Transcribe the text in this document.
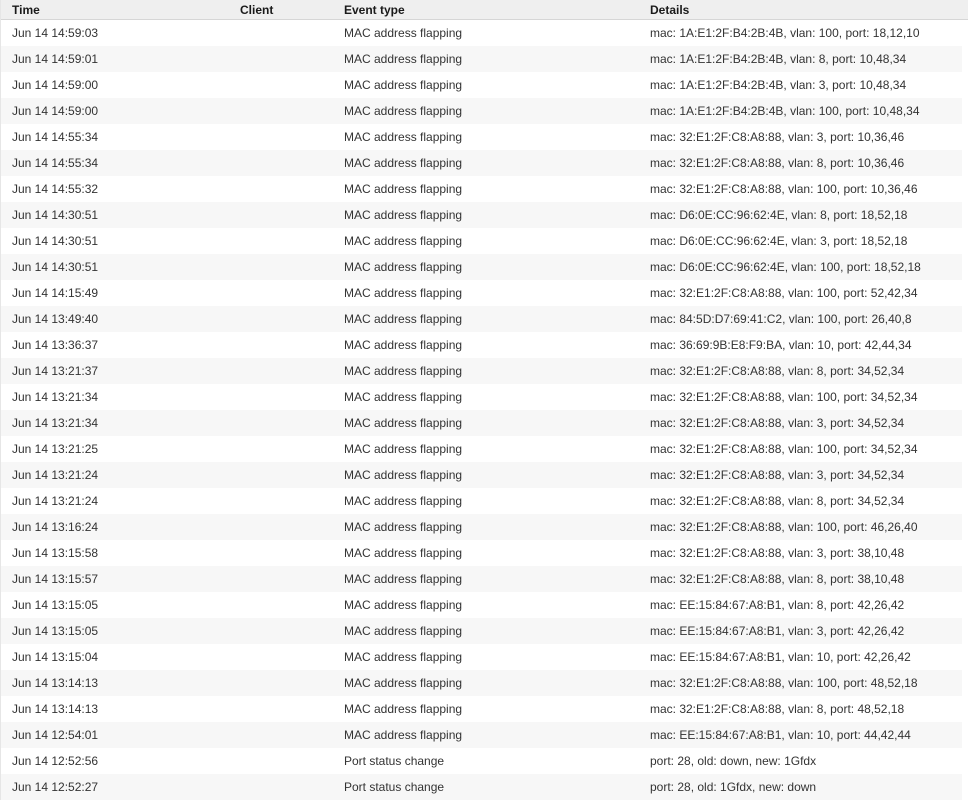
Time	Client	Event type	Details
Jun 14 14:59:03		MAC address flapping	mac: 1A:E1:2F:B4:2B:4B, vlan: 100, port: 18,12,10
Jun 14 14:59:01		MAC address flapping	mac: 1A:E1:2F:B4:2B:4B, vlan: 8, port: 10,48,34
Jun 14 14:59:00		MAC address flapping	mac: 1A:E1:2F:B4:2B:4B, vlan: 3, port: 10,48,34
Jun 14 14:59:00		MAC address flapping	mac: 1A:E1:2F:B4:2B:4B, vlan: 100, port: 10,48,34
Jun 14 14:55:34		MAC address flapping	mac: 32:E1:2F:C8:A8:88, vlan: 3, port: 10,36,46
Jun 14 14:55:34		MAC address flapping	mac: 32:E1:2F:C8:A8:88, vlan: 8, port: 10,36,46
Jun 14 14:55:32		MAC address flapping	mac: 32:E1:2F:C8:A8:88, vlan: 100, port: 10,36,46
Jun 14 14:30:51		MAC address flapping	mac: D6:0E:CC:96:62:4E, vlan: 8, port: 18,52,18
Jun 14 14:30:51		MAC address flapping	mac: D6:0E:CC:96:62:4E, vlan: 3, port: 18,52,18
Jun 14 14:30:51		MAC address flapping	mac: D6:0E:CC:96:62:4E, vlan: 100, port: 18,52,18
Jun 14 14:15:49		MAC address flapping	mac: 32:E1:2F:C8:A8:88, vlan: 100, port: 52,42,34
Jun 14 13:49:40		MAC address flapping	mac: 84:5D:D7:69:41:C2, vlan: 100, port: 26,40,8
Jun 14 13:36:37		MAC address flapping	mac: 36:69:9B:E8:F9:BA, vlan: 10, port: 42,44,34
Jun 14 13:21:37		MAC address flapping	mac: 32:E1:2F:C8:A8:88, vlan: 8, port: 34,52,34
Jun 14 13:21:34		MAC address flapping	mac: 32:E1:2F:C8:A8:88, vlan: 100, port: 34,52,34
Jun 14 13:21:34		MAC address flapping	mac: 32:E1:2F:C8:A8:88, vlan: 3, port: 34,52,34
Jun 14 13:21:25		MAC address flapping	mac: 32:E1:2F:C8:A8:88, vlan: 100, port: 34,52,34
Jun 14 13:21:24		MAC address flapping	mac: 32:E1:2F:C8:A8:88, vlan: 3, port: 34,52,34
Jun 14 13:21:24		MAC address flapping	mac: 32:E1:2F:C8:A8:88, vlan: 8, port: 34,52,34
Jun 14 13:16:24		MAC address flapping	mac: 32:E1:2F:C8:A8:88, vlan: 100, port: 46,26,40
Jun 14 13:15:58		MAC address flapping	mac: 32:E1:2F:C8:A8:88, vlan: 3, port: 38,10,48
Jun 14 13:15:57		MAC address flapping	mac: 32:E1:2F:C8:A8:88, vlan: 8, port: 38,10,48
Jun 14 13:15:05		MAC address flapping	mac: EE:15:84:67:A8:B1, vlan: 8, port: 42,26,42
Jun 14 13:15:05		MAC address flapping	mac: EE:15:84:67:A8:B1, vlan: 3, port: 42,26,42
Jun 14 13:15:04		MAC address flapping	mac: EE:15:84:67:A8:B1, vlan: 10, port: 42,26,42
Jun 14 13:14:13		MAC address flapping	mac: 32:E1:2F:C8:A8:88, vlan: 100, port: 48,52,18
Jun 14 13:14:13		MAC address flapping	mac: 32:E1:2F:C8:A8:88, vlan: 8, port: 48,52,18
Jun 14 12:54:01		MAC address flapping	mac: EE:15:84:67:A8:B1, vlan: 10, port: 44,42,44
Jun 14 12:52:56		Port status change	port: 28, old: down, new: 1Gfdx
Jun 14 12:52:27		Port status change	port: 28, old: 1Gfdx, new: down
